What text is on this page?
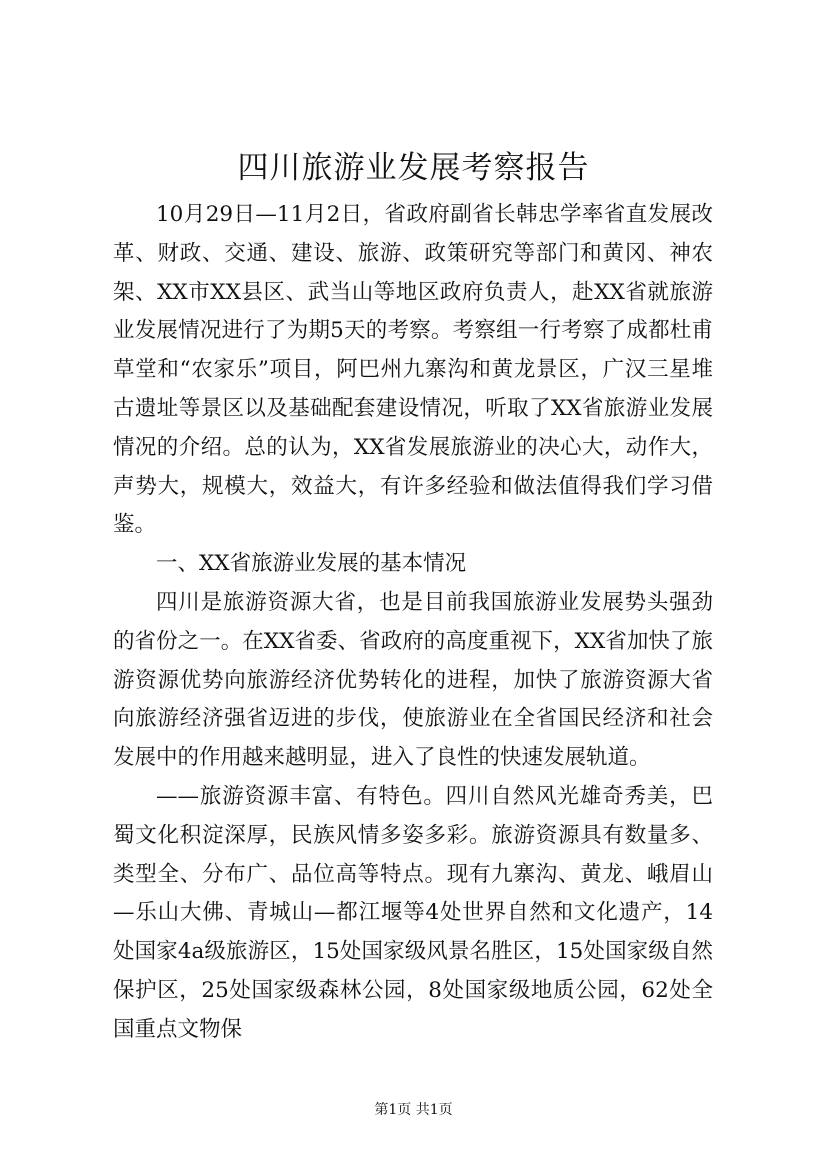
四川旅游业发展考察报告

10月29日—11月2日，省政府副省长韩忠学率省直发展改革、财政、交通、建设、旅游、政策研究等部门和黄冈、神农架、XX市XX县区、武当山等地区政府负责人，赴XX省就旅游业发展情况进行了为期5天的考察。考察组一行考察了成都杜甫草堂和“农家乐”项目，阿巴州九寨沟和黄龙景区，广汉三星堆古遗址等景区以及基础配套建设情况，听取了XX省旅游业发展情况的介绍。总的认为，XX省发展旅游业的决心大，动作大，声势大，规模大，效益大，有许多经验和做法值得我们学习借鉴。

一、XX省旅游业发展的基本情况

四川是旅游资源大省，也是目前我国旅游业发展势头强劲的省份之一。在XX省委、省政府的高度重视下，XX省加快了旅游资源优势向旅游经济优势转化的进程，加快了旅游资源大省向旅游经济强省迈进的步伐，使旅游业在全省国民经济和社会发展中的作用越来越明显，进入了良性的快速发展轨道。

——旅游资源丰富、有特色。四川自然风光雄奇秀美，巴蜀文化积淀深厚，民族风情多姿多彩。旅游资源具有数量多、类型全、分布广、品位高等特点。现有九寨沟、黄龙、峨眉山—乐山大佛、青城山—都江堰等4处世界自然和文化遗产，14处国家4a级旅游区，15处国家级风景名胜区，15处国家级自然保护区，25处国家级森林公园，8处国家级地质公园，62处全国重点文物保

第1页 共1页
